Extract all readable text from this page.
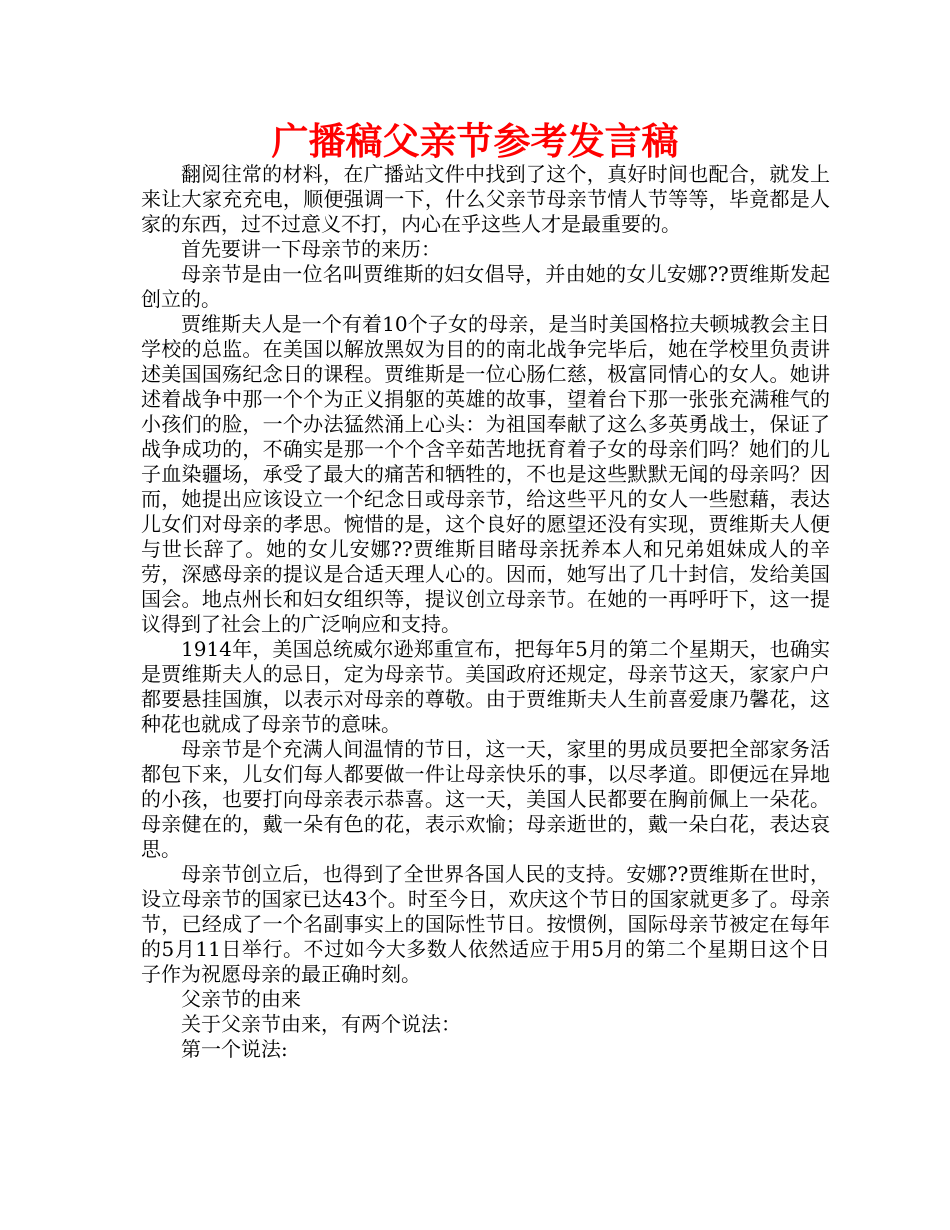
广播稿父亲节参考发言稿

翻阅往常的材料，在广播站文件中找到了这个，真好时间也配合，就发上来让大家充充电，顺便强调一下，什么父亲节母亲节情人节等等，毕竟都是人家的东西，过不过意义不打，内心在乎这些人才是最重要的。

首先要讲一下母亲节的来历：

母亲节是由一位名叫贾维斯的妇女倡导，并由她的女儿安娜??贾维斯发起创立的。

贾维斯夫人是一个有着10个子女的母亲，是当时美国格拉夫顿城教会主日学校的总监。在美国以解放黑奴为目的的南北战争完毕后，她在学校里负责讲述美国国殇纪念日的课程。贾维斯是一位心肠仁慈，极富同情心的女人。她讲述着战争中那一个个为正义捐躯的英雄的故事，望着台下那一张张充满稚气的小孩们的脸，一个办法猛然涌上心头：为祖国奉献了这么多英勇战士，保证了战争成功的，不确实是那一个个含辛茹苦地抚育着子女的母亲们吗？她们的儿子血染疆场，承受了最大的痛苦和牺牲的，不也是这些默默无闻的母亲吗？因而，她提出应该设立一个纪念日或母亲节，给这些平凡的女人一些慰藉，表达儿女们对母亲的孝思。惋惜的是，这个良好的愿望还没有实现，贾维斯夫人便与世长辞了。她的女儿安娜??贾维斯目睹母亲抚养本人和兄弟姐妹成人的辛劳，深感母亲的提议是合适天理人心的。因而，她写出了几十封信，发给美国国会。地点州长和妇女组织等，提议创立母亲节。在她的一再呼吁下，这一提议得到了社会上的广泛响应和支持。

1914年，美国总统威尔逊郑重宣布，把每年5月的第二个星期天，也确实是贾维斯夫人的忌日，定为母亲节。美国政府还规定，母亲节这天，家家户户都要悬挂国旗，以表示对母亲的尊敬。由于贾维斯夫人生前喜爱康乃馨花，这种花也就成了母亲节的意味。

母亲节是个充满人间温情的节日，这一天，家里的男成员要把全部家务活都包下来，儿女们每人都要做一件让母亲快乐的事，以尽孝道。即便远在异地的小孩，也要打向母亲表示恭喜。这一天，美国人民都要在胸前佩上一朵花。母亲健在的，戴一朵有色的花，表示欢愉；母亲逝世的，戴一朵白花，表达哀思。

母亲节创立后，也得到了全世界各国人民的支持。安娜??贾维斯在世时，设立母亲节的国家已达43个。时至今日，欢庆这个节日的国家就更多了。母亲节，已经成了一个名副事实上的国际性节日。按惯例，国际母亲节被定在每年的5月11日举行。不过如今大多数人依然适应于用5月的第二个星期日这个日子作为祝愿母亲的最正确时刻。

父亲节的由来

关于父亲节由来，有两个说法：

第一个说法:
